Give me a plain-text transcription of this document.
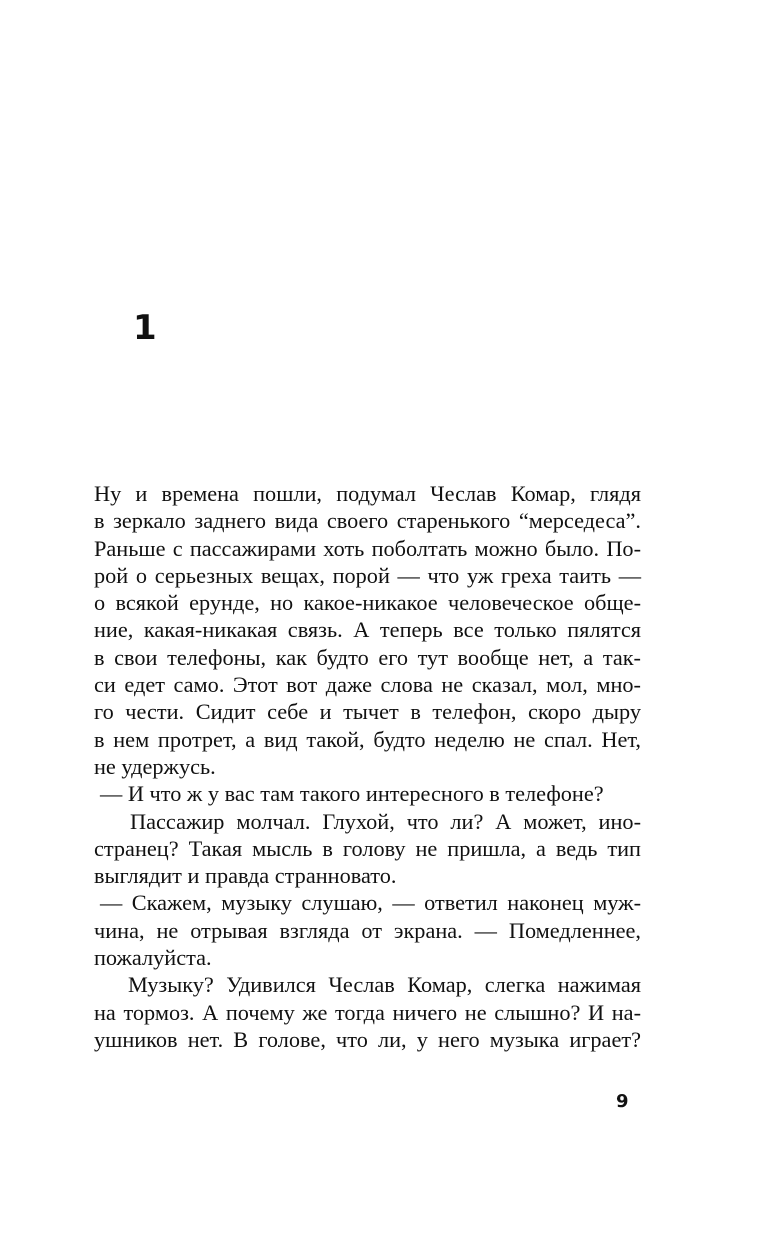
1
Ну и времена пошли, подумал Чеслав Комар, глядя
в зеркало заднего вида своего старенького “мерседеса”.
Раньше с пассажирами хоть поболтать можно было. По-
рой о серьезных вещах, порой — что уж греха таить —
о всякой ерунде, но какое-никакое человеческое обще-
ние, какая-никакая связь. А теперь все только пялятся
в свои телефоны, как будто его тут вообще нет, а так-
си едет само. Этот вот даже слова не сказал, мол, мно-
го чести. Сидит себе и тычет в телефон, скоро дыру
в нем протрет, а вид такой, будто неделю не спал. Нет,
не удержусь.
— И что ж у вас там такого интересного в телефоне?
Пассажир молчал. Глухой, что ли? А может, ино-
странец? Такая мысль в голову не пришла, а ведь тип
выглядит и правда странновато.
— Скажем, музыку слушаю, — ответил наконец муж-
чина, не отрывая взгляда от экрана. — Помедленнее,
пожалуйста.
Музыку? Удивился Чеслав Комар, слегка нажимая
на тормоз. А почему же тогда ничего не слышно? И на-
ушников нет. В голове, что ли, у него музыка играет?
9
